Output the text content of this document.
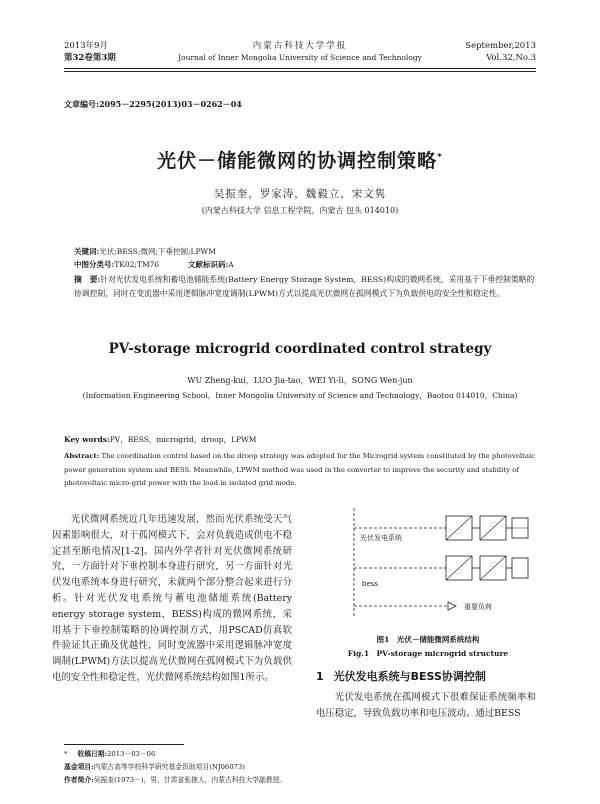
2013年9月
第32卷第3期
内蒙古科技大学学报
Journal of Inner Mongolia University of Science and Technology
September,2013
Vol.32,No.3
文章编号:2095－2295(2013)03－0262－04
光伏－储能微网的协调控制策略*
吴振奎，罗家涛，魏毅立，宋文隽
(内蒙古科技大学 信息工程学院，内蒙古 包头 014010)
关键词:光伏;BESS;微网;下垂控制;LPWM
中图分类号:TK02;TM76	文献标识码:A
摘　要:针对光伏发电系统和蓄电池储能系统(Battery Energy Storage System，BESS)构成的微网系统，采用基于下垂控制策略的协调控制，同时在变流器中采用逻辑脉冲宽度调制(LPWM)方式以提高光伏微网在孤网模式下为负载供电的安全性和稳定性。
PV-storage microgrid coordinated control strategy
WU Zheng-kui，LUO Jia-tao，WEI Yi-li，SONG Wen-jun
(Information Engineering School，Inner Mongolia University of Science and Technology，Baotou 014010，China)
Key words:PV，BESS，microgrid，droop，LPWM
Abstract: The coordination control based on the droop strategy was adopted for the Microgrid system constituted by the photovoltaic power generation system and BESS. Meanwhile, LPWM method was used in the converter to improve the security and stability of photovoltaic micro-grid power with the load in isolated grid mode.
光伏微网系统近几年迅速发展，然而光伏系统受天气因素影响很大，对于孤网模式下，会对负载造成供电不稳定甚至断电情况[1-2]。国内外学者针对光伏微网系统研究，一方面针对下垂控制本身进行研究，另一方面针对光伏发电系统本身进行研究，未就两个部分整合起来进行分析。针对光伏发电系统与蓄电池储能系统(Battery energy storage system，BESS)构成的微网系统，采用基于下垂控制策略的协调控制方式，用PSCAD仿真软件验证其正确及优越性，同时变流器中采用逻辑脉冲宽度调制(LPWM)方法以提高光伏微网在孤网模式下为负载供电的安全性和稳定性，光伏微网系统结构如图1所示。
光伏发电系统
bess
重要负荷
图1　光伏－储能微网系统结构
Fig.1　PV-storage microgrid structure
1 光伏发电系统与BESS协调控制
光伏发电系统在孤网模式下很难保证系统频率和电压稳定，导致负载功率和电压波动。通过BESS
* 收稿日期:2013－03－06
基金项目:内蒙古高等学校科学研究基金资助项目(NJ06073)
作者简介:吴振奎(1973－)，男，甘肃省张掖人，内蒙古科技大学副教授。
